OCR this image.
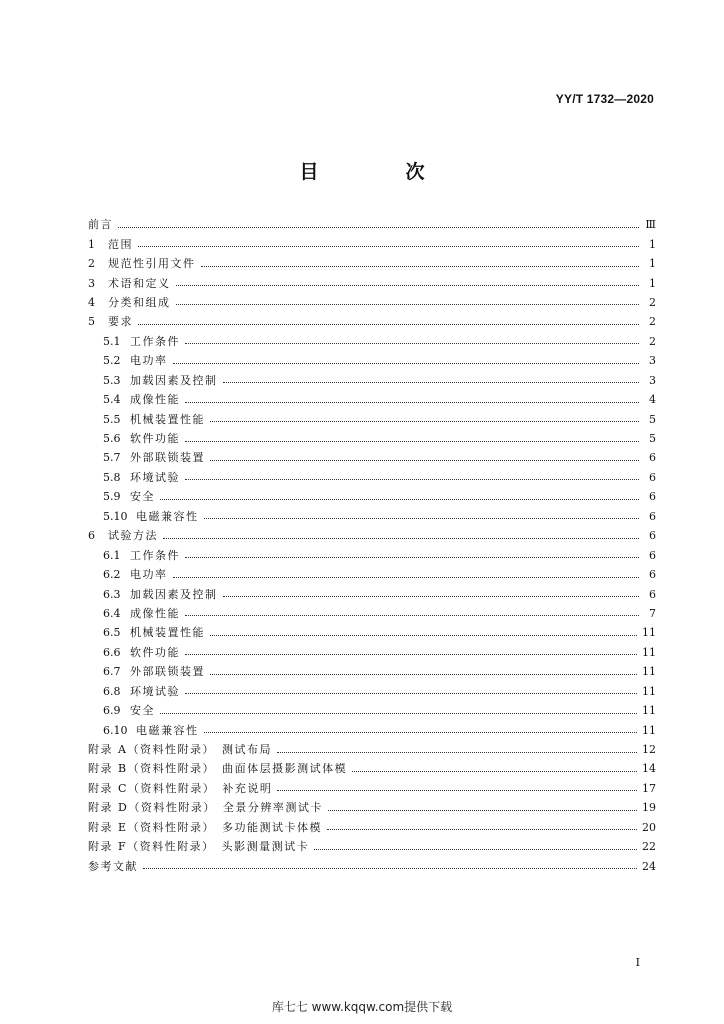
YY/T 1732—2020
目　次
前言	Ⅲ
1	范围	1
2	规范性引用文件	1
3	术语和定义	1
4	分类和组成	2
5	要求	2
5.1 工作条件	2
5.2 电功率	3
5.3 加载因素及控制	3
5.4 成像性能	4
5.5 机械装置性能	5
5.6 软件功能	5
5.7 外部联锁装置	6
5.8 环境试验	6
5.9 安全	6
5.10 电磁兼容性	6
6	试验方法	6
6.1 工作条件	6
6.2 电功率	6
6.3 加载因素及控制	6
6.4 成像性能	7
6.5 机械装置性能	11
6.6 软件功能	11
6.7 外部联锁装置	11
6.8 环境试验	11
6.9 安全	11
6.10 电磁兼容性	11
附录 A（资料性附录）　测试布局	12
附录 B（资料性附录）　曲面体层摄影测试体模	14
附录 C（资料性附录）　补充说明	17
附录 D（资料性附录）　全景分辨率测试卡	19
附录 E（资料性附录）　多功能测试卡体模	20
附录 F（资料性附录）　头影测量测试卡	22
参考文献	24
I
库七七 www.kqqw.com提供下载
